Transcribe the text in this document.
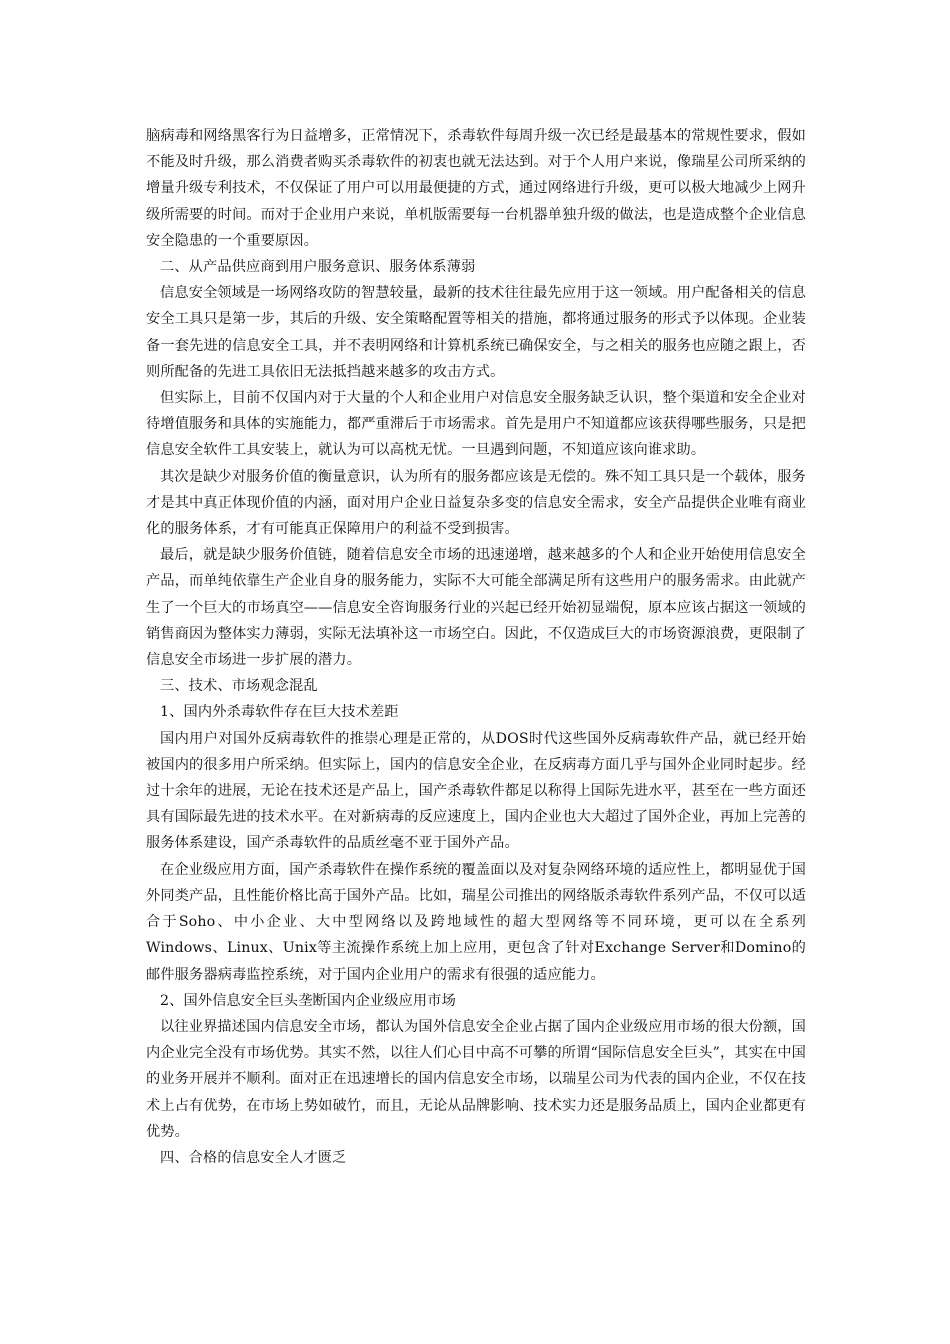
脑病毒和网络黑客行为日益增多，正常情况下，杀毒软件每周升级一次已经是最基本的常规性要求，假如不能及时升级，那么消费者购买杀毒软件的初衷也就无法达到。对于个人用户来说，像瑞星公司所采纳的增量升级专利技术，不仅保证了用户可以用最便捷的方式，通过网络进行升级，更可以极大地减少上网升级所需要的时间。而对于企业用户来说，单机版需要每一台机器单独升级的做法，也是造成整个企业信息安全隐患的一个重要原因。

二、从产品供应商到用户服务意识、服务体系薄弱

信息安全领域是一场网络攻防的智慧较量，最新的技术往往最先应用于这一领域。用户配备相关的信息安全工具只是第一步，其后的升级、安全策略配置等相关的措施，都将通过服务的形式予以体现。企业装备一套先进的信息安全工具，并不表明网络和计算机系统已确保安全，与之相关的服务也应随之跟上，否则所配备的先进工具依旧无法抵挡越来越多的攻击方式。

但实际上，目前不仅国内对于大量的个人和企业用户对信息安全服务缺乏认识，整个渠道和安全企业对待增值服务和具体的实施能力，都严重滞后于市场需求。首先是用户不知道都应该获得哪些服务，只是把信息安全软件工具安装上，就认为可以高枕无忧。一旦遇到问题，不知道应该向谁求助。

其次是缺少对服务价值的衡量意识，认为所有的服务都应该是无偿的。殊不知工具只是一个载体，服务才是其中真正体现价值的内涵，面对用户企业日益复杂多变的信息安全需求，安全产品提供企业唯有商业化的服务体系，才有可能真正保障用户的利益不受到损害。

最后，就是缺少服务价值链，随着信息安全市场的迅速递增，越来越多的个人和企业开始使用信息安全产品，而单纯依靠生产企业自身的服务能力，实际不大可能全部满足所有这些用户的服务需求。由此就产生了一个巨大的市场真空——信息安全咨询服务行业的兴起已经开始初显端倪，原本应该占据这一领域的销售商因为整体实力薄弱，实际无法填补这一市场空白。因此，不仅造成巨大的市场资源浪费，更限制了信息安全市场进一步扩展的潜力。

三、技术、市场观念混乱

1、国内外杀毒软件存在巨大技术差距

国内用户对国外反病毒软件的推崇心理是正常的，从DOS时代这些国外反病毒软件产品，就已经开始被国内的很多用户所采纳。但实际上，国内的信息安全企业，在反病毒方面几乎与国外企业同时起步。经过十余年的进展，无论在技术还是产品上，国产杀毒软件都足以称得上国际先进水平，甚至在一些方面还具有国际最先进的技术水平。在对新病毒的反应速度上，国内企业也大大超过了国外企业，再加上完善的服务体系建设，国产杀毒软件的品质丝毫不亚于国外产品。

在企业级应用方面，国产杀毒软件在操作系统的覆盖面以及对复杂网络环境的适应性上，都明显优于国外同类产品，且性能价格比高于国外产品。比如，瑞星公司推出的网络版杀毒软件系列产品，不仅可以适合于Soho、中小企业、大中型网络以及跨地域性的超大型网络等不同环境，更可以在全系列Windows、Linux、Unix等主流操作系统上加上应用，更包含了针对Exchange Server和Domino的邮件服务器病毒监控系统，对于国内企业用户的需求有很强的适应能力。

2、国外信息安全巨头垄断国内企业级应用市场

以往业界描述国内信息安全市场，都认为国外信息安全企业占据了国内企业级应用市场的很大份额，国内企业完全没有市场优势。其实不然，以往人们心目中高不可攀的所谓“国际信息安全巨头”，其实在中国的业务开展并不顺利。面对正在迅速增长的国内信息安全市场，以瑞星公司为代表的国内企业，不仅在技术上占有优势，在市场上势如破竹，而且，无论从品牌影响、技术实力还是服务品质上，国内企业都更有优势。

四、合格的信息安全人才匮乏
